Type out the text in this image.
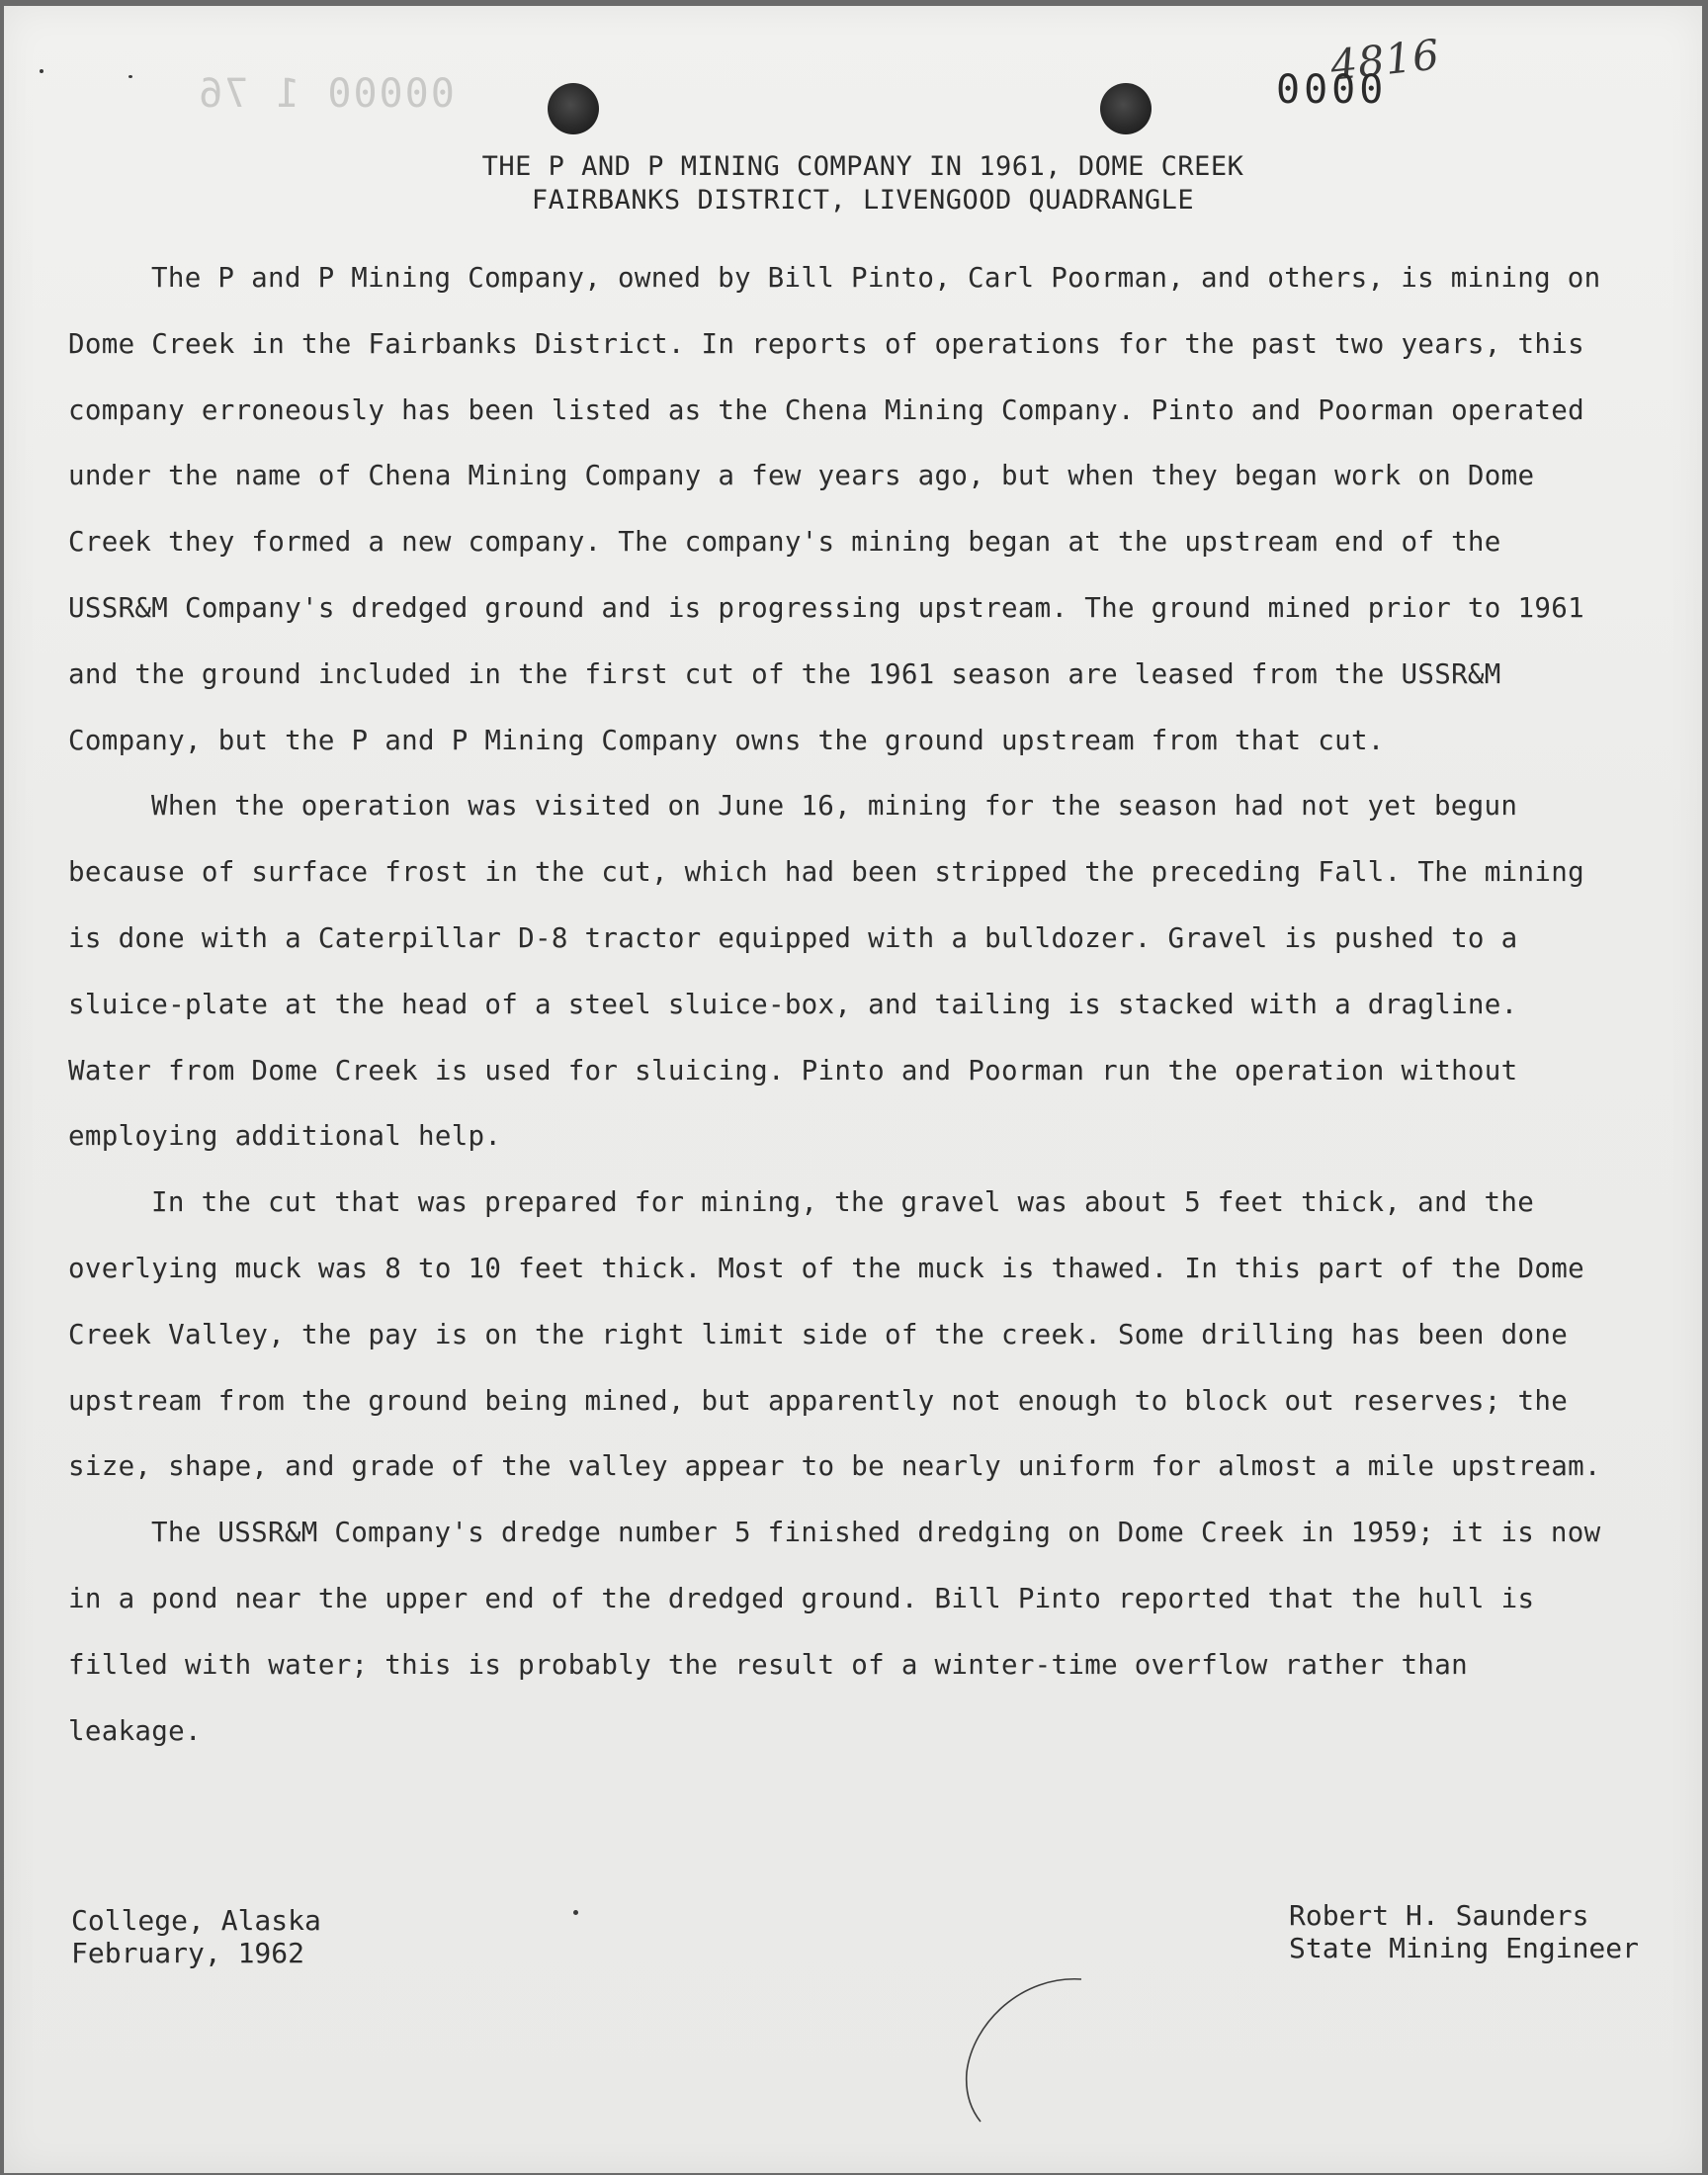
00000 1 76
4816
0000
THE P AND P MINING COMPANY IN 1961, DOME CREEK
FAIRBANKS DISTRICT, LIVENGOOD QUADRANGLE

The P and P Mining Company, owned by Bill Pinto, Carl Poorman, and others, is mining on Dome Creek in the Fairbanks District. In reports of operations for the past two years, this company erroneously has been listed as the Chena Mining Company. Pinto and Poorman operated under the name of Chena Mining Company a few years ago, but when they began work on Dome Creek they formed a new company. The company's mining began at the upstream end of the USSR&M Company's dredged ground and is progressing upstream. The ground mined prior to 1961 and the ground included in the first cut of the 1961 season are leased from the USSR&M Company, but the P and P Mining Company owns the ground upstream from that cut.

When the operation was visited on June 16, mining for the season had not yet begun because of surface frost in the cut, which had been stripped the preceding Fall. The mining is done with a Caterpillar D-8 tractor equipped with a bulldozer. Gravel is pushed to a sluice-plate at the head of a steel sluice-box, and tailing is stacked with a dragline. Water from Dome Creek is used for sluicing. Pinto and Poorman run the operation without employing additional help.

In the cut that was prepared for mining, the gravel was about 5 feet thick, and the overlying muck was 8 to 10 feet thick. Most of the muck is thawed. In this part of the Dome Creek Valley, the pay is on the right limit side of the creek. Some drilling has been done upstream from the ground being mined, but apparently not enough to block out reserves; the size, shape, and grade of the valley appear to be nearly uniform for almost a mile upstream.

The USSR&M Company's dredge number 5 finished dredging on Dome Creek in 1959; it is now in a pond near the upper end of the dredged ground. Bill Pinto reported that the hull is filled with water; this is probably the result of a winter-time overflow rather than leakage.

College, Alaska
February, 1962
Robert H. Saunders
State Mining Engineer
